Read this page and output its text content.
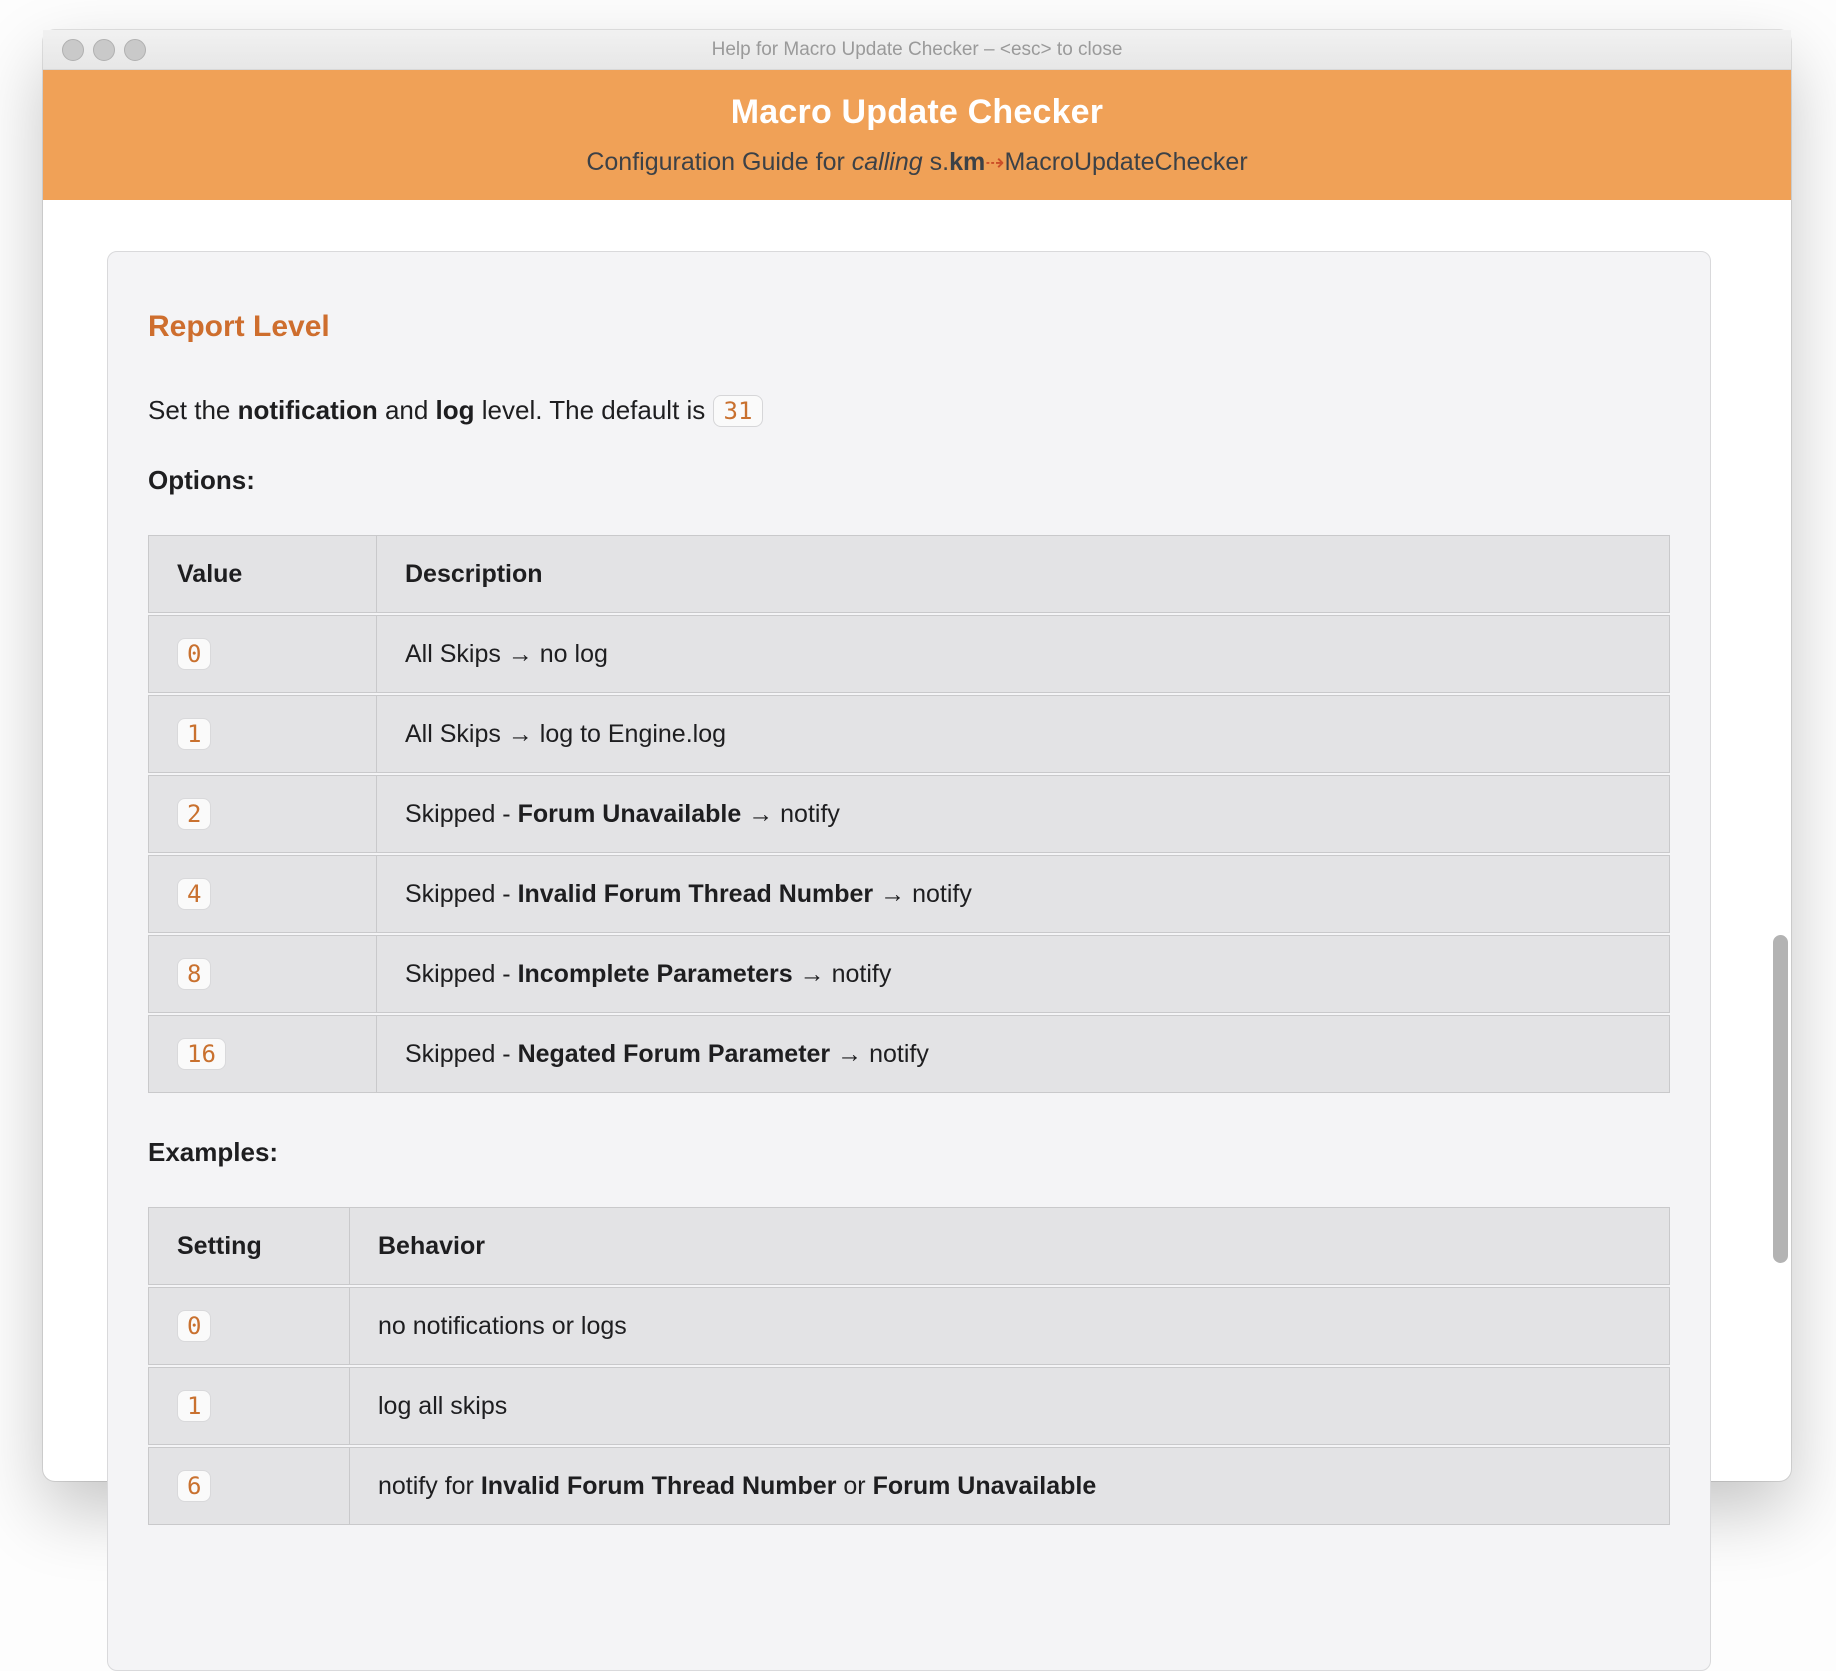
Help for Macro Update Checker – <esc> to close
Macro Update Checker
Configuration Guide for calling s.km⇢MacroUpdateChecker
Report Level

Set the notification and log level. The default is 31

Options:

Value	Description
0	All Skips → no log
1	All Skips → log to Engine.log
2	Skipped - Forum Unavailable → notify
4	Skipped - Invalid Forum Thread Number → notify
8	Skipped - Incomplete Parameters → notify
16	Skipped - Negated Forum Parameter → notify

Examples:

Setting	Behavior
0	no notifications or logs
1	log all skips
6	notify for Invalid Forum Thread Number or Forum Unavailable
